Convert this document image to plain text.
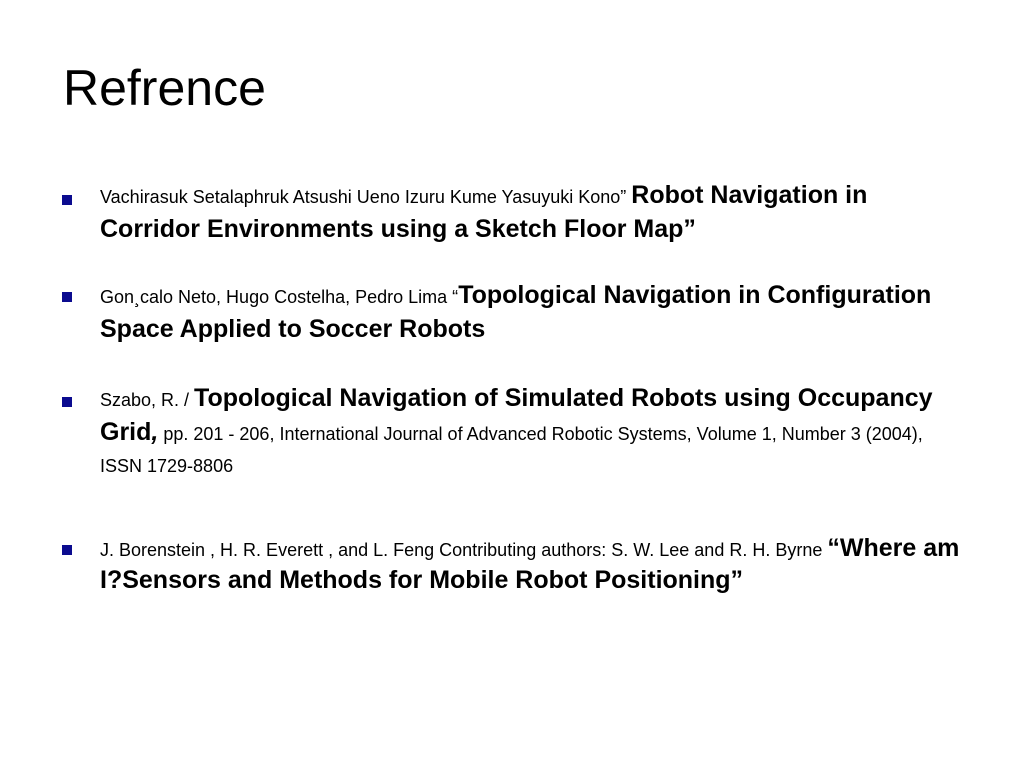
Refrence
Vachirasuk Setalaphruk Atsushi Ueno Izuru Kume Yasuyuki Kono” Robot Navigation in Corridor Environments using a Sketch Floor Map”
Gon¸calo Neto, Hugo Costelha, Pedro Lima “Topological Navigation in Configuration Space Applied to Soccer Robots
Szabo, R. / Topological Navigation of Simulated Robots using Occupancy Grid, pp. 201 - 206, International Journal of Advanced Robotic Systems, Volume 1, Number 3 (2004), ISSN 1729-8806
J. Borenstein , H. R. Everett , and L. Feng Contributing authors: S. W. Lee and R. H. Byrne “Where am I?Sensors and Methods for Mobile Robot Positioning”
